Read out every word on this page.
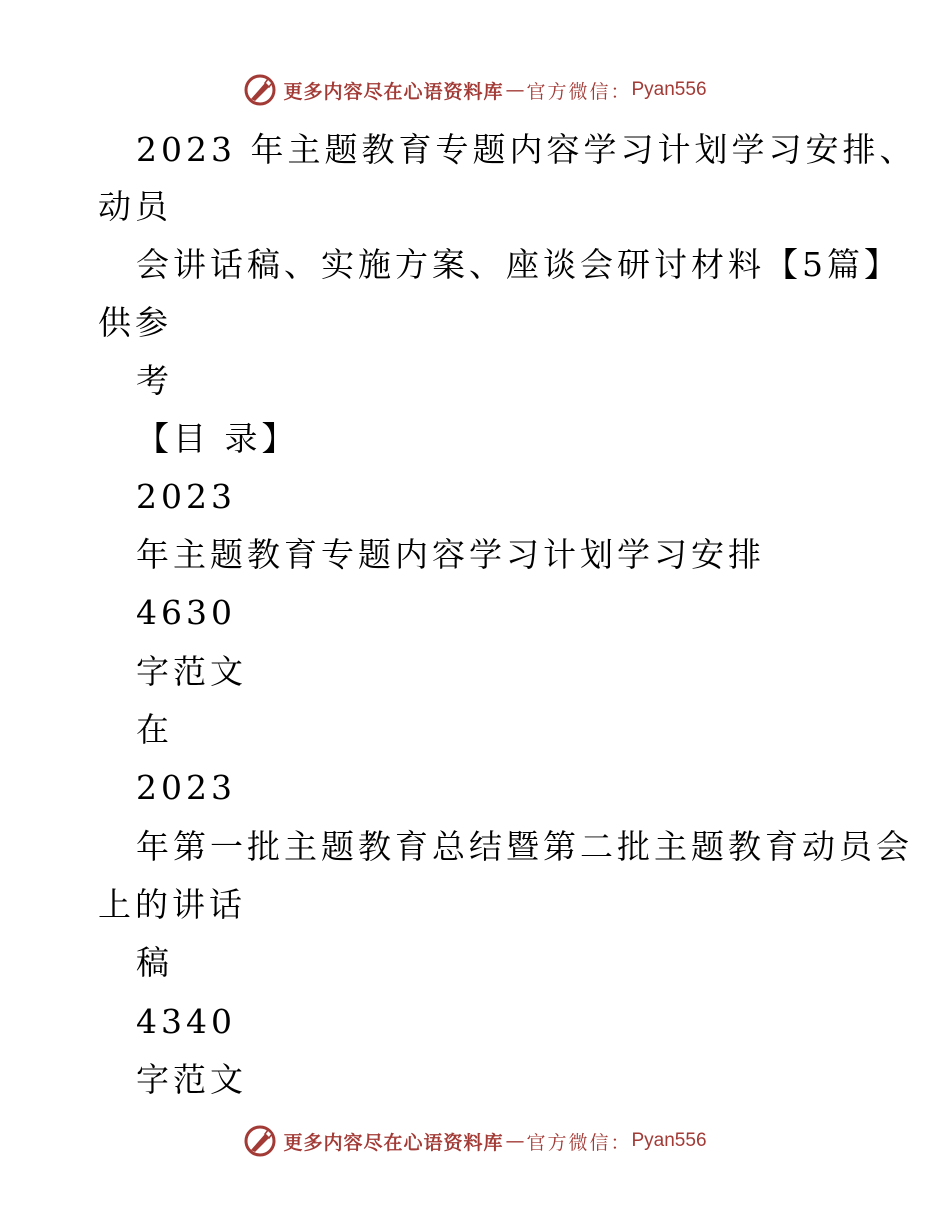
更多内容尽在心语资料库 — 官方微信： Pyan556
2023 年主题教育专题内容学习计划学习安排、
动员
会讲话稿、实施方案、座谈会研讨材料【5篇】
供参
考
【目 录】
2023
年主题教育专题内容学习计划学习安排
4630
字范文
在
2023
年第一批主题教育总结暨第二批主题教育动员会
上的讲话
稿
4340
字范文
更多内容尽在心语资料库 — 官方微信： Pyan556
